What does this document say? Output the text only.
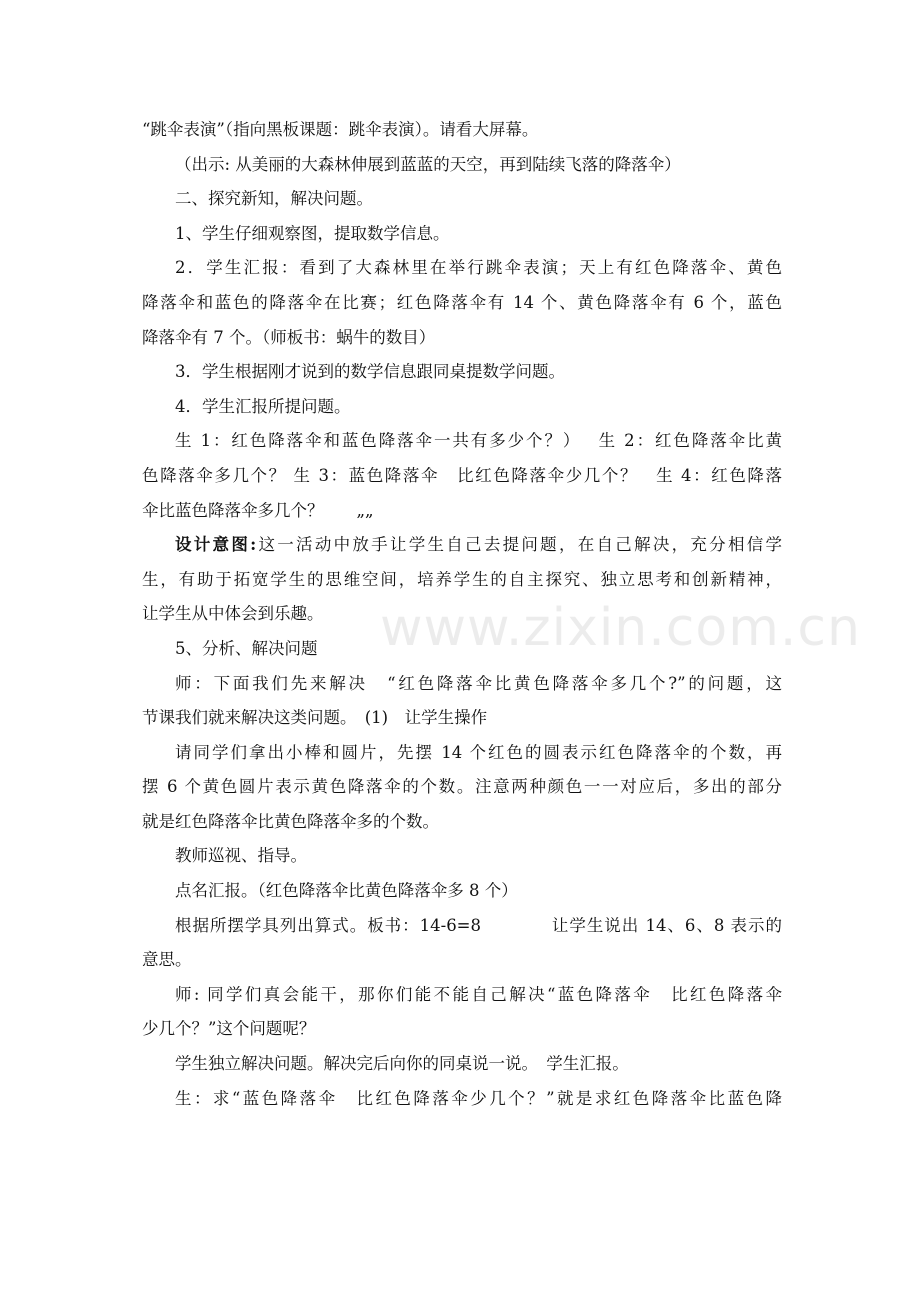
“跳伞表演”（指向黑板课题：跳伞表演）。请看大屏幕。
（出示: 从美丽的大森林伸展到蓝蓝的天空，再到陆续飞落的降落伞）
二、探究新知，解决问题。
1、学生仔细观察图，提取数学信息。
2．学生汇报：看到了大森林里在举行跳伞表演；天上有红色降落伞、黄色
降落伞和蓝色的降落伞在比赛；红色降落伞有 14 个、黄色降落伞有 6 个，蓝色
降落伞有 7 个。（师板书：蜗牛的数目）
3．学生根据刚才说到的数学信息跟同桌提数学问题。
4．学生汇报所提问题。
生 1：红色降落伞和蓝色降落伞一共有多少个？）　 生 2：红色降落伞比黄
色降落伞多几个？ 生 3：蓝色降落伞　比红色降落伞少几个？　生 4：红色降落
伞比蓝色降落伞多几个？　　„„
设计意图:这一活动中放手让学生自己去提问题，在自己解决，充分相信学
生，有助于拓宽学生的思维空间，培养学生的自主探究、独立思考和创新精神，
让学生从中体会到乐趣。
5、分析、解决问题
师：下面我们先来解决　“红色降落伞比黄色降落伞多几个?”的问题，这
节课我们就来解决这类问题。　(1)　让学生操作
请同学们拿出小棒和圆片，先摆 14 个红色的圆表示红色降落伞的个数，再
摆 6 个黄色圆片表示黄色降落伞的个数。注意两种颜色一一对应后，多出的部分
就是红色降落伞比黄色降落伞多的个数。
教师巡视、指导。
点名汇报。（红色降落伞比黄色降落伞多 8 个）
根据所摆学具列出算式。板书：14-6=8　　　　让学生说出 14、6、8 表示的
意思。
师: 同学们真会能干，那你们能不能自己解决“蓝色降落伞　比红色降落伞
少几个？”这个问题呢？
学生独立解决问题。解决完后向你的同桌说一说。　学生汇报。
生：求“蓝色降落伞　比红色降落伞少几个？”就是求红色降落伞比蓝色降
www.zixin.com.cn
